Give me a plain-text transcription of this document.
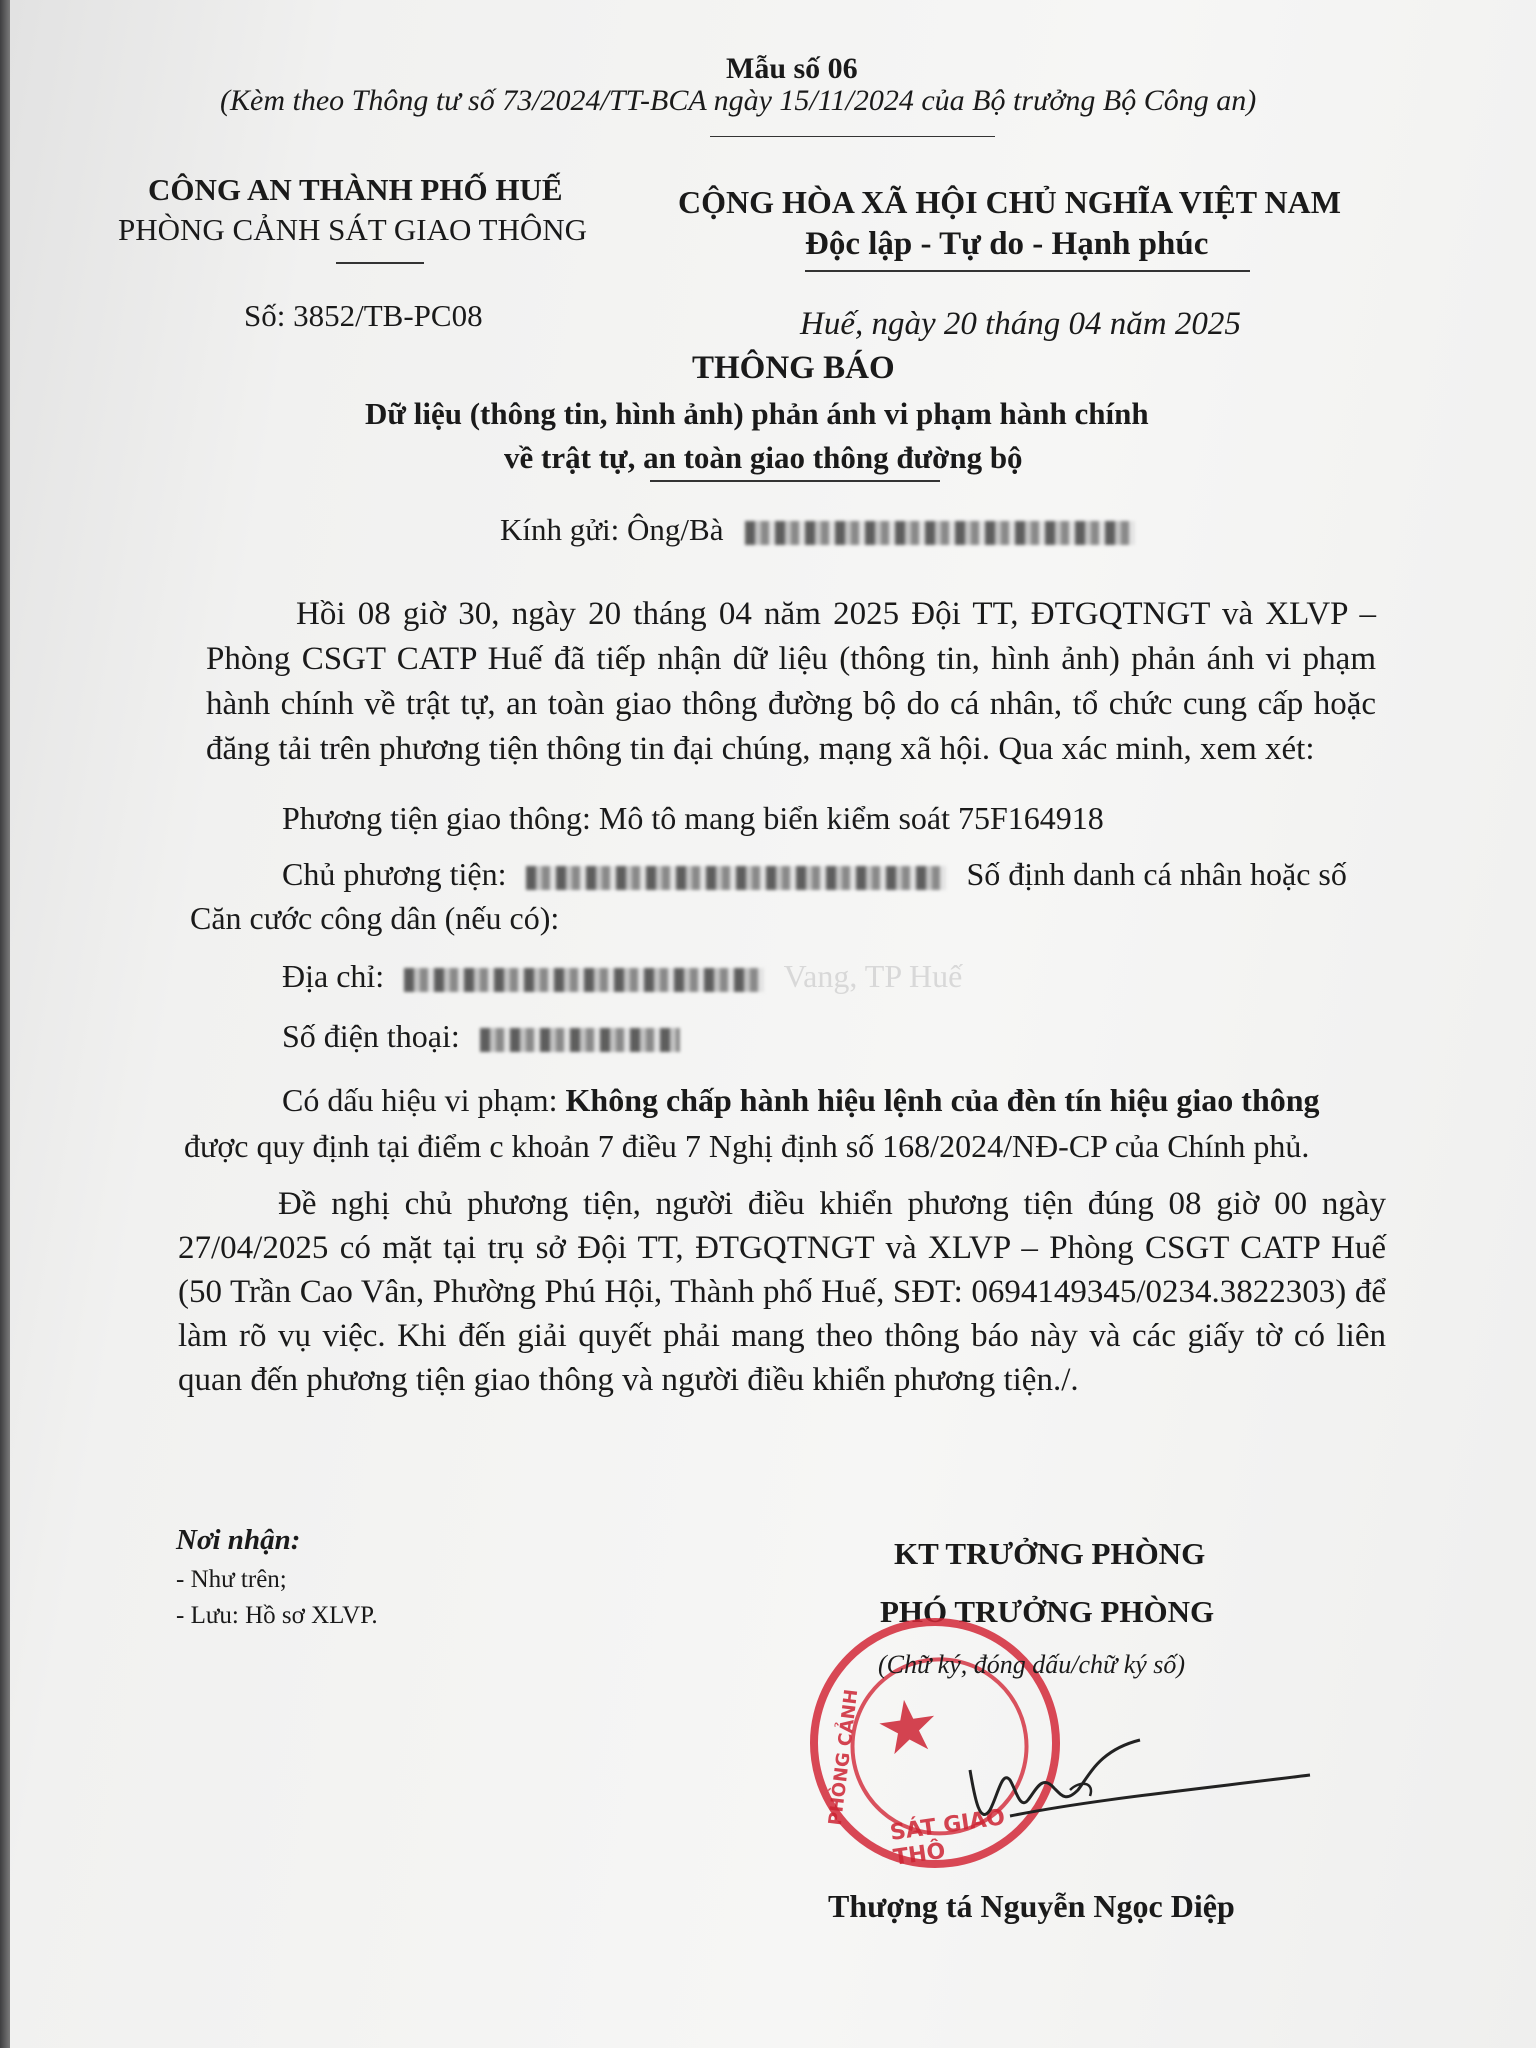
Mẫu số 06
(Kèm theo Thông tư số 73/2024/TT-BCA ngày 15/11/2024 của Bộ trưởng Bộ Công an)
CÔNG AN THÀNH PHỐ HUẾ
PHÒNG CẢNH SÁT GIAO THÔNG
Số: 3852/TB-PC08
CỘNG HÒA XÃ HỘI CHỦ NGHĨA VIỆT NAM
Độc lập - Tự do - Hạnh phúc
Huế, ngày 20 tháng 04 năm 2025
THÔNG BÁO
Dữ liệu (thông tin, hình ảnh) phản ánh vi phạm hành chính
về trật tự, an toàn giao thông đường bộ
Kính gửi: Ông/Bà
Hồi 08 giờ 30, ngày 20 tháng 04 năm 2025 Đội TT, ĐTGQTNGT và XLVP – Phòng CSGT CATP Huế đã tiếp nhận dữ liệu (thông tin, hình ảnh) phản ánh vi phạm hành chính về trật tự, an toàn giao thông đường bộ do cá nhân, tổ chức cung cấp hoặc đăng tải trên phương tiện thông tin đại chúng, mạng xã hội. Qua xác minh, xem xét:
Phương tiện giao thông: Mô tô mang biển kiểm soát 75F164918
Chủ phương tiện:	Số định danh cá nhân hoặc số
Căn cước công dân (nếu có):
Địa chỉ:	Vang, TP Huế
Số điện thoại:
Có dấu hiệu vi phạm: Không chấp hành hiệu lệnh của đèn tín hiệu giao thông
được quy định tại điểm c khoản 7 điều 7 Nghị định số 168/2024/NĐ-CP của Chính phủ.
Đề nghị chủ phương tiện, người điều khiển phương tiện đúng 08 giờ 00 ngày 27/04/2025 có mặt tại trụ sở Đội TT, ĐTGQTNGT và XLVP – Phòng CSGT CATP Huế (50 Trần Cao Vân, Phường Phú Hội, Thành phố Huế, SĐT: 0694149345/0234.3822303) để làm rõ vụ việc. Khi đến giải quyết phải mang theo thông báo này và các giấy tờ có liên quan đến phương tiện giao thông và người điều khiển phương tiện./.
Nơi nhận:
- Như trên;
- Lưu: Hồ sơ XLVP.
KT TRƯỞNG PHÒNG
PHÓ TRƯỞNG PHÒNG
★
SÁT GIAO THÔ
PHÒNG CẢNH
(Chữ ký, đóng dấu/chữ ký số)
Thượng tá Nguyễn Ngọc Diệp
